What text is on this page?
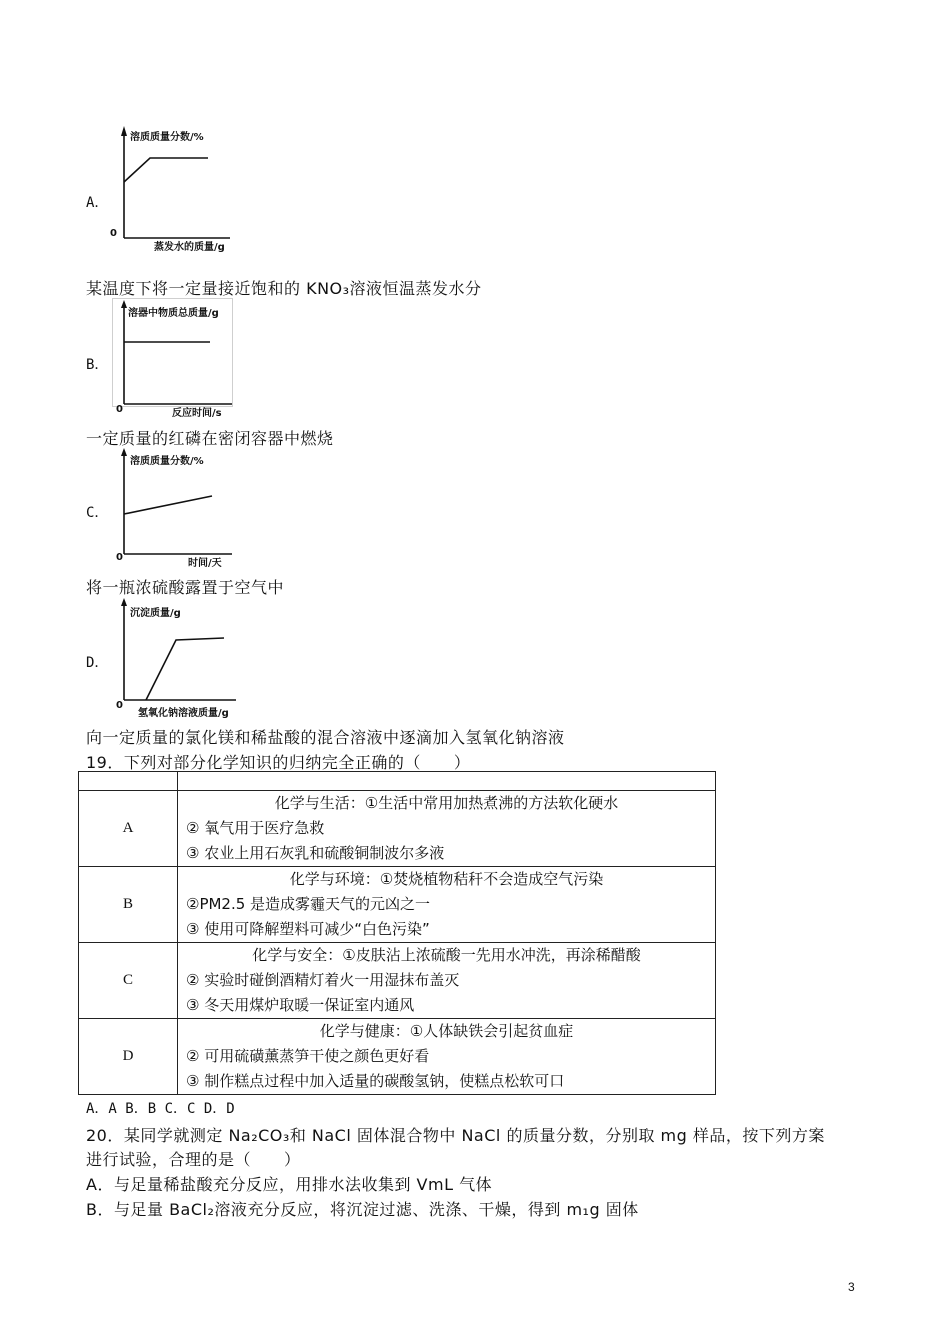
A．
溶质质量分数/%
0
蒸发水的质量/g
某温度下将一定量接近饱和的 KNO₃溶液恒温蒸发水分
B．
溶器中物质总质量/g
0	反应时间/s
一定质量的红磷在密闭容器中燃烧
C．
溶质质量分数/%
0
时间/天
将一瓶浓硫酸露置于空气中
D．
沉淀质量/g
0
氢氧化钠溶液质量/g
向一定质量的氯化镁和稀盐酸的混合溶液中逐滴加入氢氧化钠溶液
19．下列对部分化学知识的归纳完全正确的（　　）

A	化学与生活：①生活中常用加热煮沸的方法软化硬水
② 氧气用于医疗急救
③ 农业上用石灰乳和硫酸铜制波尔多液

B	化学与环境：①焚烧植物秸秆不会造成空气污染
②PM2.5 是造成雾霾天气的元凶之一
③ 使用可降解塑料可减少“白色污染”

C	化学与安全：①皮肤沾上浓硫酸一先用水冲洗，再涂稀醋酸
② 实验时碰倒酒精灯着火一用湿抹布盖灭
③ 冬天用煤炉取暖一保证室内通风

D	化学与健康：①人体缺铁会引起贫血症
② 可用硫磺薰蒸笋干使之颜色更好看
③ 制作糕点过程中加入适量的碳酸氢钠，使糕点松软可口
A．A B．B C．C D．D
20．某同学就测定 Na₂CO₃和 NaCl 固体混合物中 NaCl 的质量分数，分别取 mg 样品，按下列方案
进行试验，合理的是（　　）
A．与足量稀盐酸充分反应，用排水法收集到 VmL 气体
B．与足量 BaCl₂溶液充分反应，将沉淀过滤、洗涤、干燥，得到 m₁g 固体
3
